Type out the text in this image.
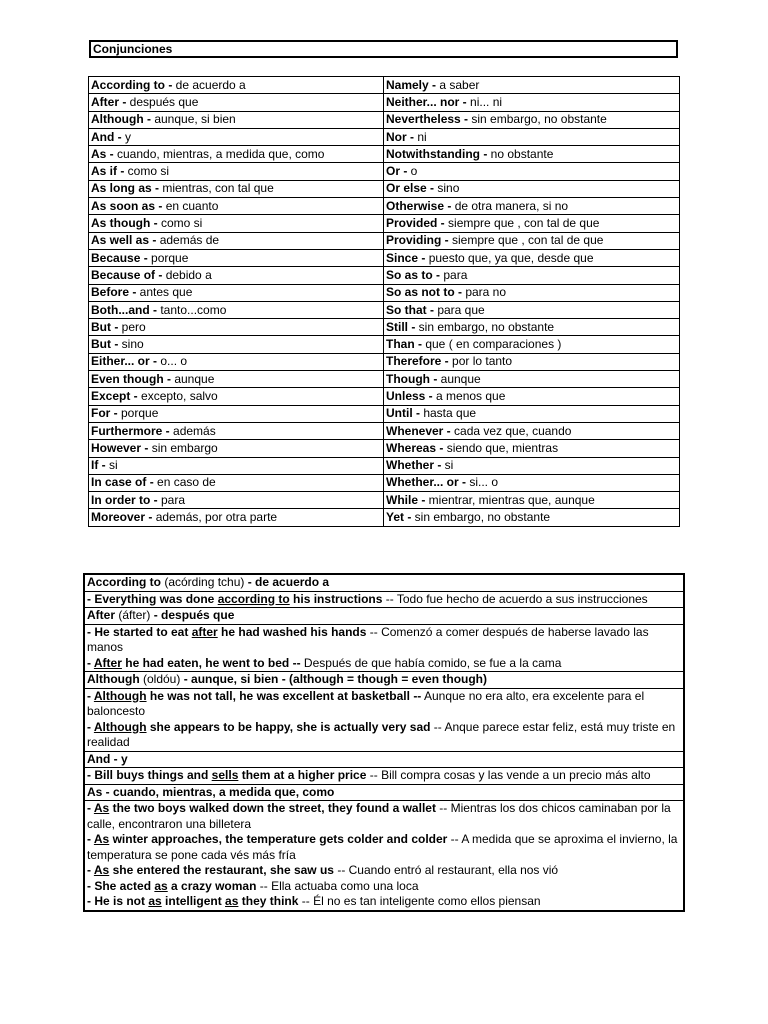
Conjunciones
According to - de acuerdo a	Namely - a saber
After - después que	Neither... nor - ni... ni
Although - aunque, si bien	Nevertheless - sin embargo, no obstante
And - y	Nor - ni
As - cuando, mientras, a medida que, como	Notwithstanding - no obstante
As if - como si	Or - o
As long as - mientras, con tal que	Or else - sino
As soon as - en cuanto	Otherwise - de otra manera, si no
As though - como si	Provided - siempre que , con tal de que
As well as - además de	Providing - siempre que , con tal de que
Because - porque	Since - puesto que, ya que, desde que
Because of - debido a	So as to - para
Before - antes que	So as not to - para no
Both...and - tanto...como	So that - para que
But - pero	Still - sin embargo, no obstante
But - sino	Than - que ( en comparaciones )
Either... or - o... o	Therefore - por lo tanto
Even though - aunque	Though - aunque
Except - excepto, salvo	Unless - a menos que
For - porque	Until - hasta que
Furthermore - además	Whenever - cada vez que, cuando
However - sin embargo	Whereas - siendo que, mientras
If - si	Whether - si
In case of - en caso de	Whether... or - si... o
In order to - para	While - mientrar, mientras que, aunque
Moreover - además, por otra parte	Yet - sin embargo, no obstante
According to (acórding tchu) - de acuerdo a
- Everything was done according to his instructions -- Todo fue hecho de acuerdo a sus instrucciones
After (áfter) - después que
- He started to eat after he had washed his hands -- Comenzó a comer después de haberse lavado las manos
- After he had eaten, he went to bed -- Después de que había comido, se fue a la cama
Although (oldóu) - aunque, si bien - (although = though = even though)
- Although he was not tall, he was excellent at basketball -- Aunque no era alto, era excelente para el baloncesto
- Although she appears to be happy, she is actually very sad -- Anque parece estar feliz, está muy triste en realidad
And - y
- Bill buys things and sells them at a higher price -- Bill compra cosas y las vende a un precio más alto
As - cuando, mientras, a medida que, como
- As the two boys walked down the street, they found a wallet -- Mientras los dos chicos caminaban por la calle, encontraron una billetera
- As winter approaches, the temperature gets colder and colder -- A medida que se aproxima el invierno, la temperatura se pone cada vés más fría
- As she entered the restaurant, she saw us -- Cuando entró al restaurant, ella nos vió
- She acted as a crazy woman -- Ella actuaba como una loca
- He is not as intelligent as they think -- Él no es tan inteligente como ellos piensan
